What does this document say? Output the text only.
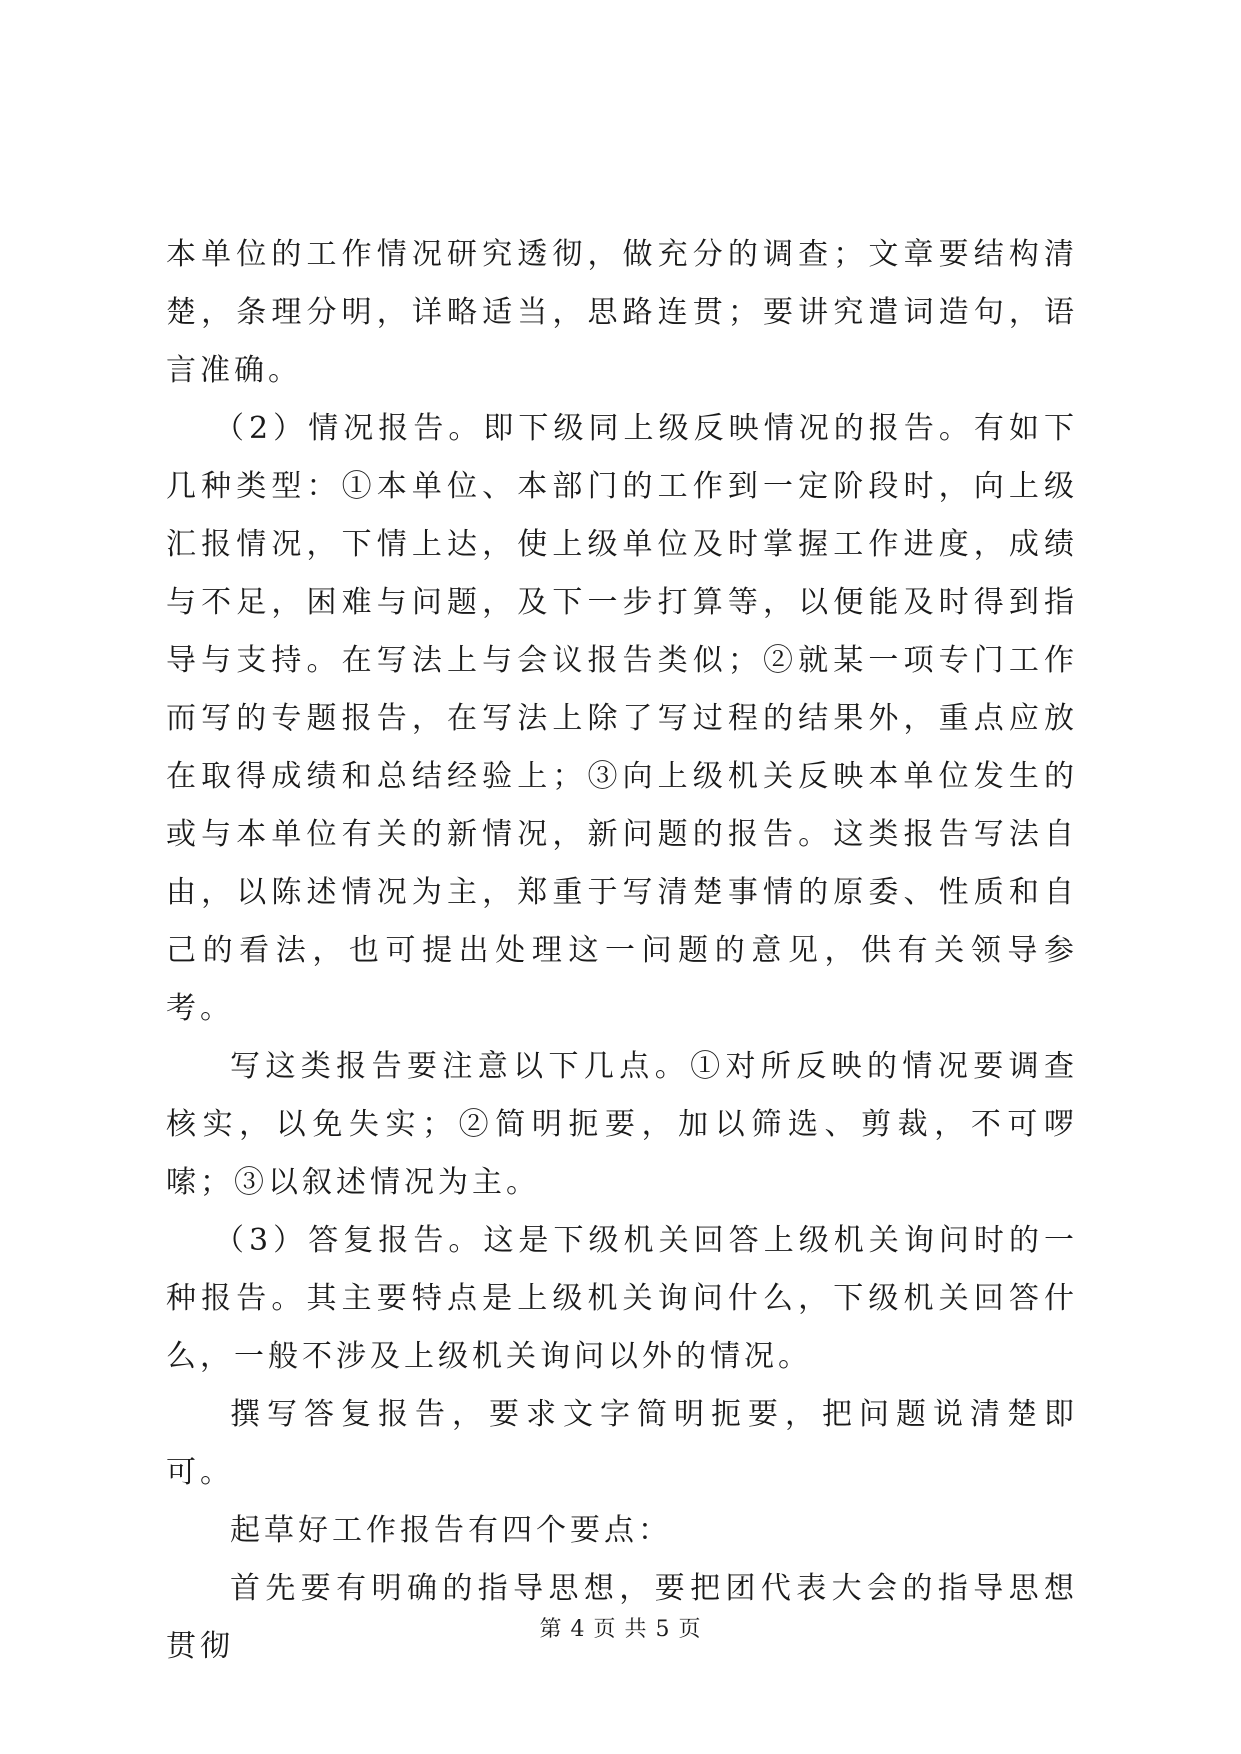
本单位的工作情况研究透彻，做充分的调查；文章要结构清楚，条理分明，详略适当，思路连贯；要讲究遣词造句，语言准确。

（2）情况报告。即下级同上级反映情况的报告。有如下几种类型：①本单位、本部门的工作到一定阶段时，向上级汇报情况，下情上达，使上级单位及时掌握工作进度，成绩与不足，困难与问题，及下一步打算等，以便能及时得到指导与支持。在写法上与会议报告类似；②就某一项专门工作而写的专题报告，在写法上除了写过程的结果外，重点应放在取得成绩和总结经验上；③向上级机关反映本单位发生的或与本单位有关的新情况，新问题的报告。这类报告写法自由，以陈述情况为主，郑重于写清楚事情的原委、性质和自己的看法，也可提出处理这一问题的意见，供有关领导参考。

写这类报告要注意以下几点。①对所反映的情况要调查核实，以免失实；②简明扼要，加以筛选、剪裁，不可啰嗦；③以叙述情况为主。

（3）答复报告。这是下级机关回答上级机关询问时的一种报告。其主要特点是上级机关询问什么，下级机关回答什么，一般不涉及上级机关询问以外的情况。

撰写答复报告，要求文字简明扼要，把问题说清楚即可。

起草好工作报告有四个要点：

首先要有明确的指导思想，要把团代表大会的指导思想贯彻	第 4 页 共 5 页
